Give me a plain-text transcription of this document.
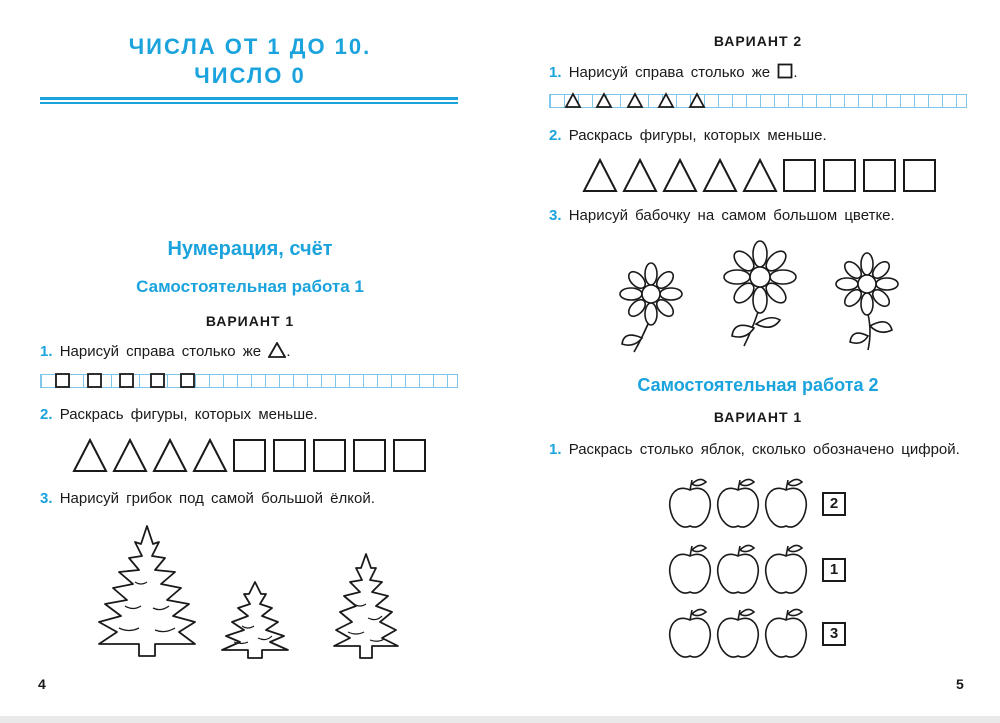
ЧИСЛА ОТ 1 ДО 10.
ЧИСЛО 0
Нумерация, счёт
Самостоятельная работа 1
ВАРИАНТ 1
1. Нарисуй справа столько же .
2. Раскрась фигуры, которых меньше.
3. Нарисуй грибок под самой большой ёлкой.
4
ВАРИАНТ 2
1. Нарисуй справа столько же .
2. Раскрась фигуры, которых меньше.
3. Нарисуй бабочку на самом большом цветке.
Самостоятельная работа 2
ВАРИАНТ 1
1. Раскрась столько яблок, сколько обозначено цифрой.
2
1
3
5
